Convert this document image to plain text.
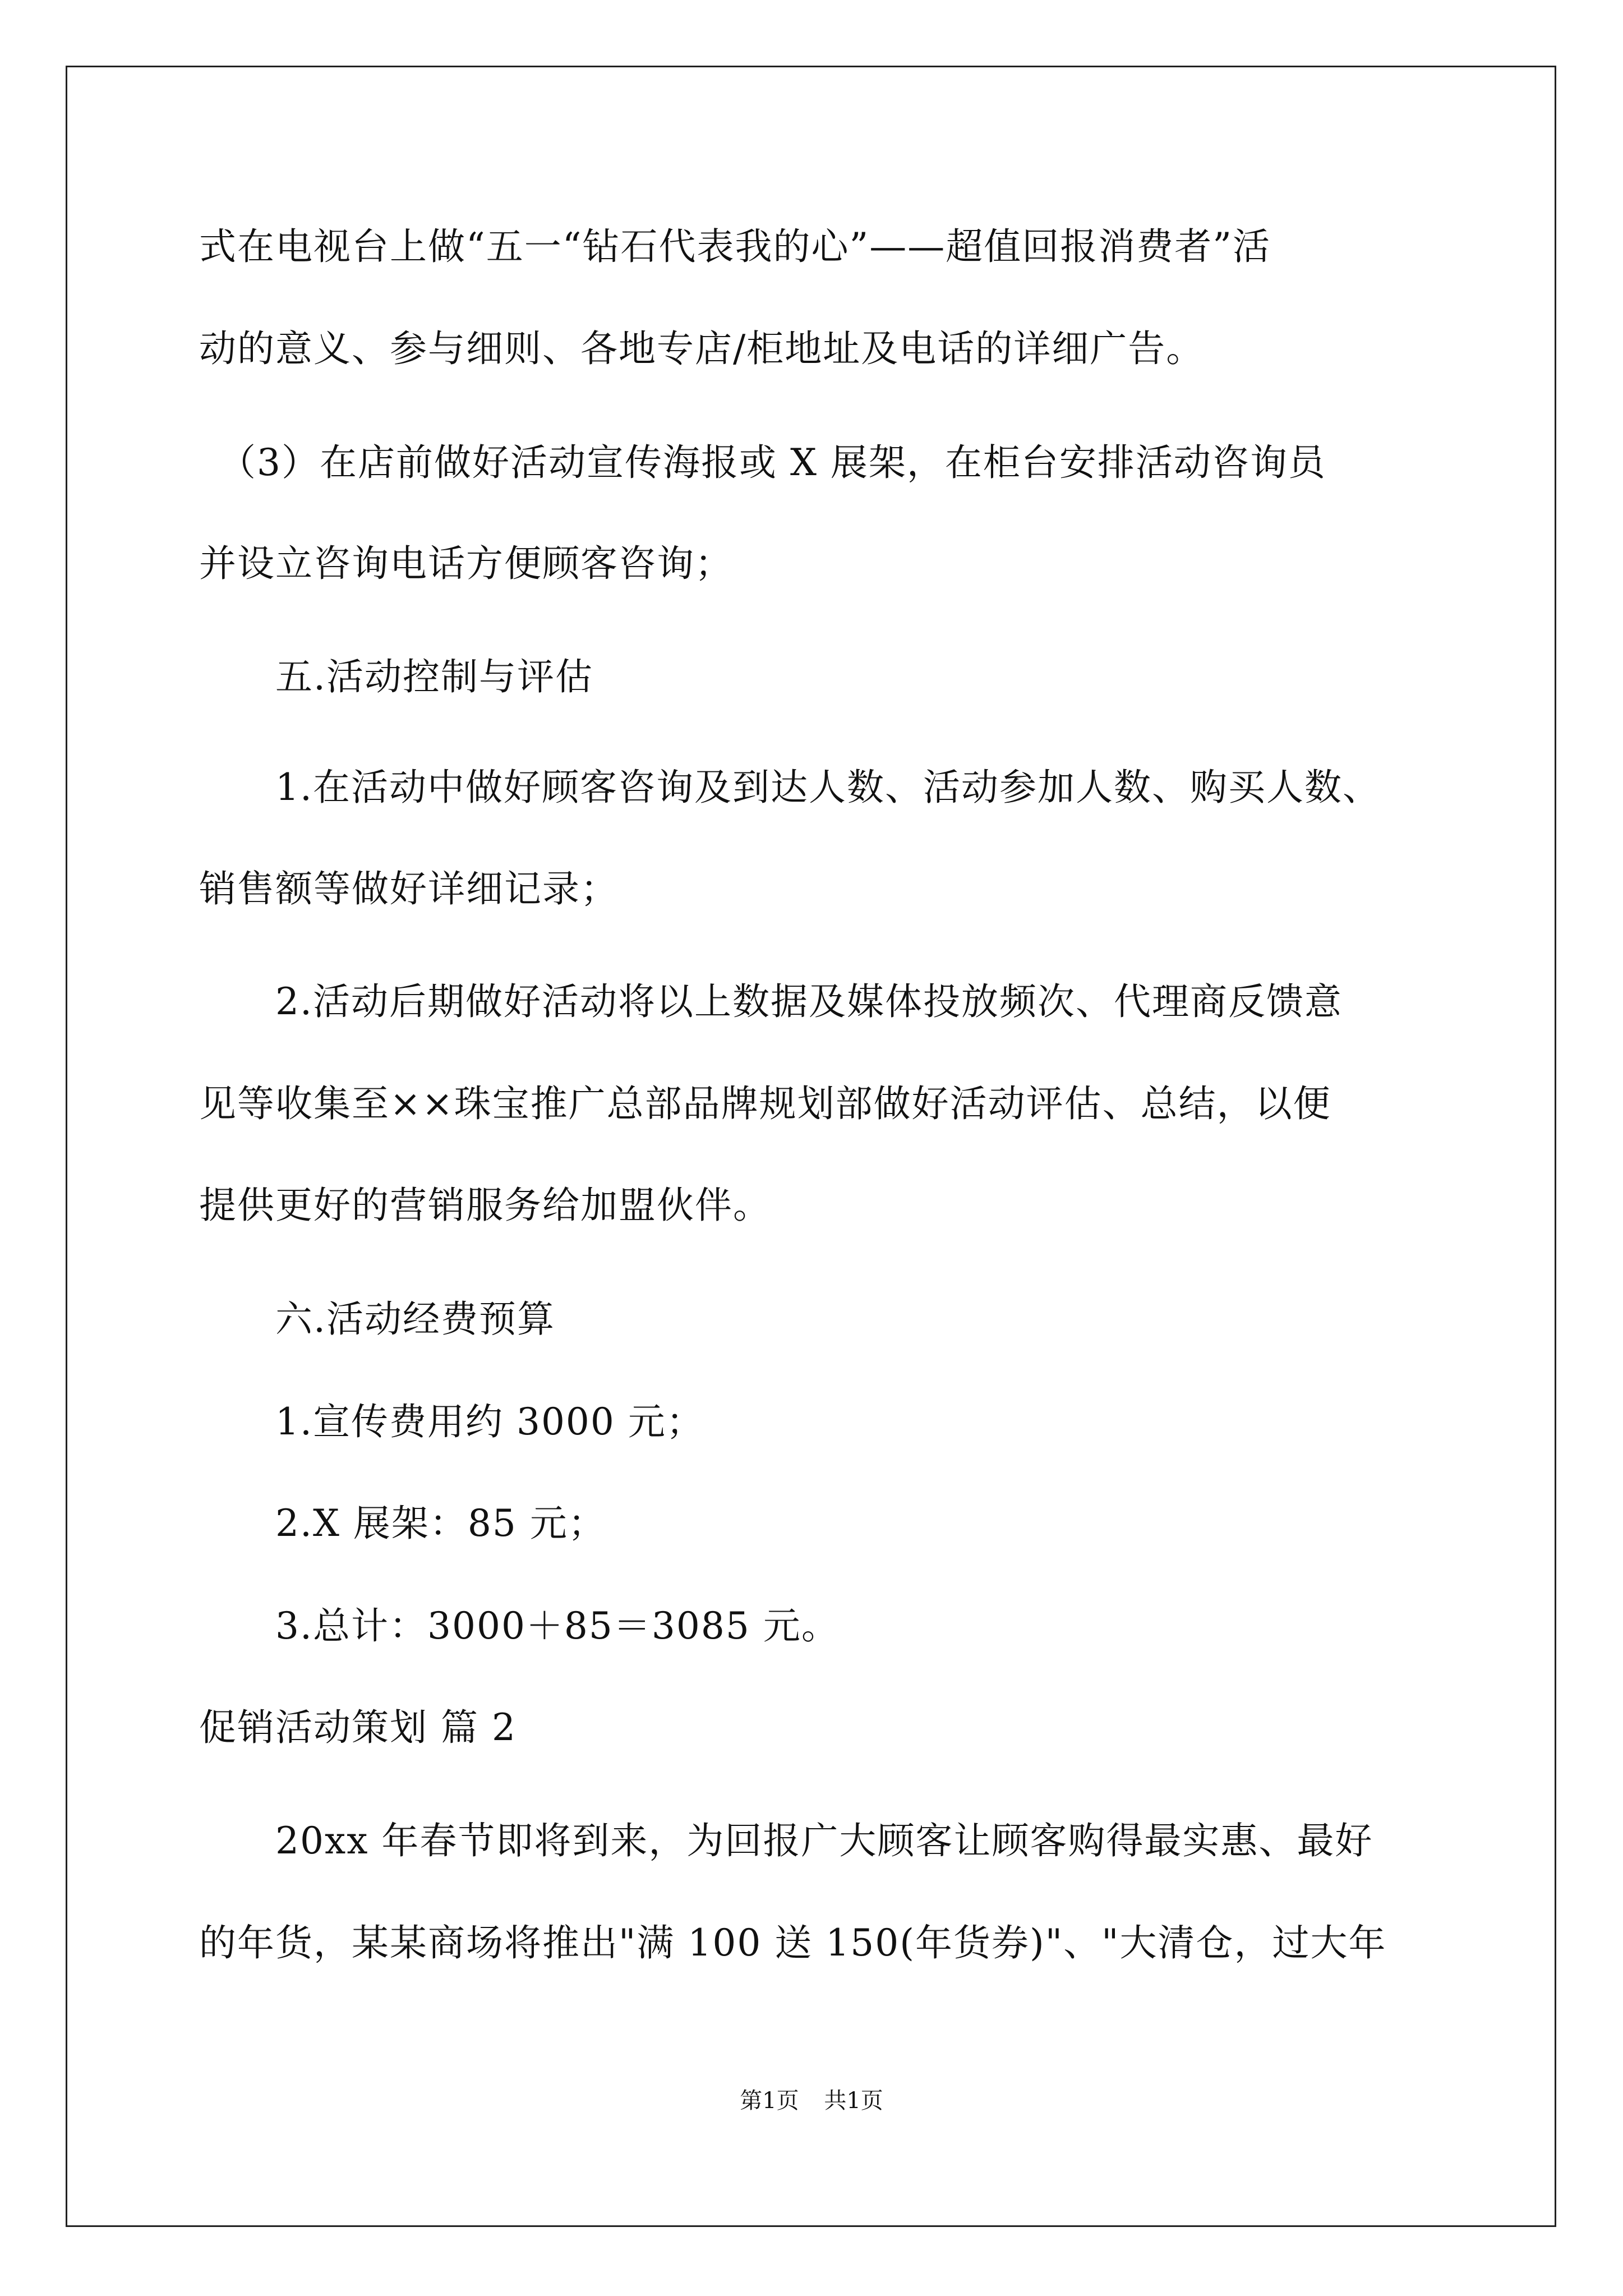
式在电视台上做“五一“钻石代表我的心”——超值回报消费者”活
动的意义、参与细则、各地专店/柜地址及电话的详细广告。
　（3）在店前做好活动宣传海报或 X 展架，在柜台安排活动咨询员
并设立咨询电话方便顾客咨询；
　　五.活动控制与评估
　　1.在活动中做好顾客咨询及到达人数、活动参加人数、购买人数、
销售额等做好详细记录；
　　2.活动后期做好活动将以上数据及媒体投放频次、代理商反馈意
见等收集至××珠宝推广总部品牌规划部做好活动评估、总结，以便
提供更好的营销服务给加盟伙伴。
　　六.活动经费预算
　　1.宣传费用约 3000 元；
　　2.X 展架：85 元；
　　3.总计：3000＋85＝3085 元。
促销活动策划 篇 2
　　20xx 年春节即将到来，为回报广大顾客让顾客购得最实惠、最好
的年货，某某商场将推出"满 100 送 150(年货券)"、"大清仓，过大年
第1页 共1页
